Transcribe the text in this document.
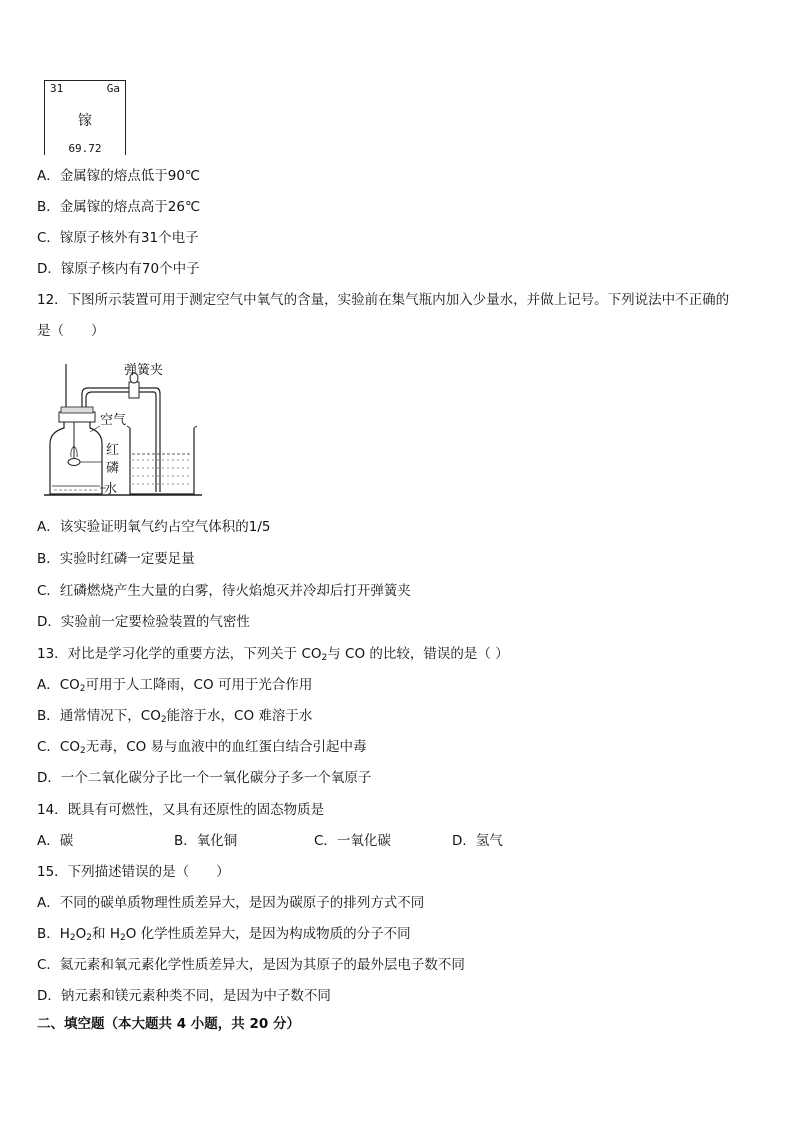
31	Ga
镓
69.72
A．金属镓的熔点低于90℃
B．金属镓的熔点高于26℃
C．镓原子核外有31个电子
D．镓原子核内有70个中子
12．下图所示装置可用于测定空气中氧气的含量，实验前在集气瓶内加入少量水，并做上记号。下列说法中不正确的
是（　　）
弹簧夹
空气
红
磷
水
A．该实验证明氧气约占空气体积的1/5
B．实验时红磷一定要足量
C．红磷燃烧产生大量的白雾，待火焰熄灭并冷却后打开弹簧夹
D．实验前一定要检验装置的气密性
13．对比是学习化学的重要方法，下列关于 $CO_2$与 CO 的比较，错误的是（ ）
A．$CO_2$可用于人工降雨，CO 可用于光合作用
B．通常情况下，$CO_2$能溶于水，CO 难溶于水
C．$CO_2$无毒，CO 易与血液中的血红蛋白结合引起中毒
D．一个二氧化碳分子比一个一氧化碳分子多一个氧原子
14．既具有可燃性，又具有还原性的固态物质是
A．碳	B．氧化铜	C．一氧化碳	D．氢气
15．下列描述错误的是（　　）
A．不同的碳单质物理性质差异大，是因为碳原子的排列方式不同
B．$H_2O_2$和 $H_2O$ 化学性质差异大，是因为构成物质的分子不同
C．氦元素和氧元素化学性质差异大，是因为其原子的最外层电子数不同
D．钠元素和镁元素种类不同，是因为中子数不同
二、填空题（本大题共 4 小题，共 20 分）
